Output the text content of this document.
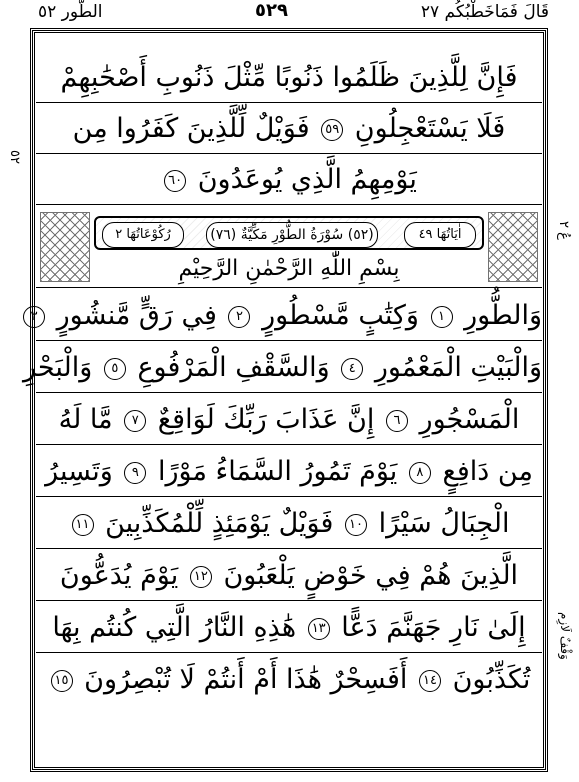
الطُّور ٥٢	٥٢٩	قَالَ فَمَاخَطْبُكُم ٢٧
عُ ٢
٥٢
وَقْفٌ لَازِم
فَإِنَّ لِلَّذِينَ ظَلَمُوا ذَنُوبًا مِّثْلَ ذَنُوبِ أَصْحَٰبِهِمْ
فَلَا يَسْتَعْجِلُونِ ٥٩ فَوَيْلٌ لِّلَّذِينَ كَفَرُوا مِن
يَوْمِهِمُ الَّذِي يُوعَدُونَ ٦٠
اٰيَاتُهَا ٤٩
(٥٢) سُوْرَةُ الطُّوْرِ مَكِّيَّةٌ (٧٦)
رُكُوْعَاتُهَا ٢
بِسْمِ اللّٰهِ الرَّحْمٰنِ الرَّحِيْمِ
وَالطُّورِ ١ وَكِتَٰبٍ مَّسْطُورٍ ٢ فِي رَقٍّ مَّنشُورٍ ٣
وَالْبَيْتِ الْمَعْمُورِ ٤ وَالسَّقْفِ الْمَرْفُوعِ ٥ وَالْبَحْرِ
الْمَسْجُورِ ٦ إِنَّ عَذَابَ رَبِّكَ لَوَاقِعٌ ٧ مَّا لَهُ
مِن دَافِعٍ ٨ يَوْمَ تَمُورُ السَّمَاءُ مَوْرًا ٩ وَتَسِيرُ
الْجِبَالُ سَيْرًا ١٠ فَوَيْلٌ يَوْمَئِذٍ لِّلْمُكَذِّبِينَ ١١
الَّذِينَ هُمْ فِي خَوْضٍ يَلْعَبُونَ ١٢ يَوْمَ يُدَعُّونَ
إِلَىٰ نَارِ جَهَنَّمَ دَعًّا ١٣ هَٰذِهِ النَّارُ الَّتِي كُنتُم بِهَا
تُكَذِّبُونَ ١٤ أَفَسِحْرٌ هَٰذَا أَمْ أَنتُمْ لَا تُبْصِرُونَ ١٥
